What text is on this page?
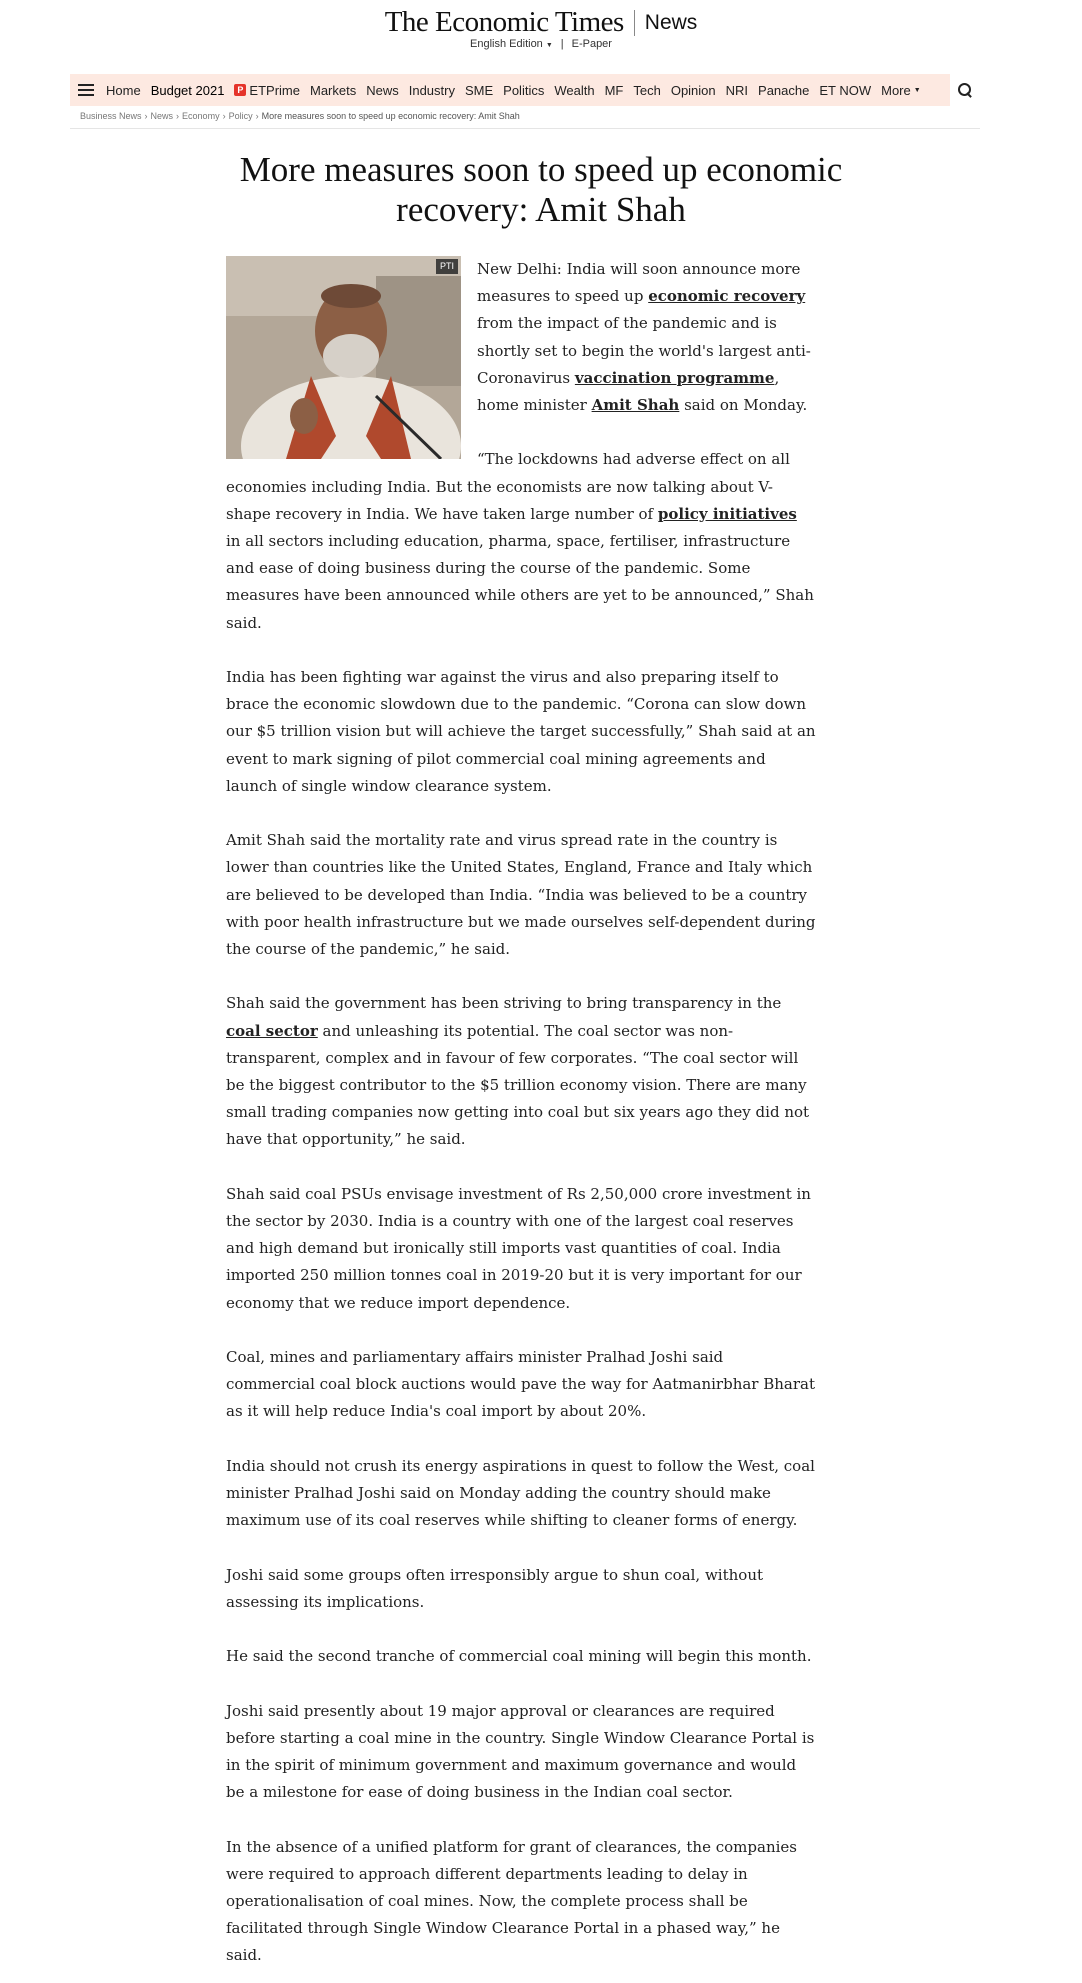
The Economic Times News
English Edition ▼ | E-Paper
Home Budget 2021	P ETPrime Markets News Industry SME Politics Wealth MF Tech Opinion NRI Panache ET NOW More ▼
Business News › News › Economy › Policy › More measures soon to speed up economic recovery: Amit Shah
More measures soon to speed up economic recovery: Amit Shah
PTI	New Delhi: India will soon announce more measures to speed up economic recovery from the impact of the pandemic and is shortly set to begin the world's largest anti-Coronavirus vaccination programme, home minister Amit Shah said on Monday.

“The lockdowns had adverse effect on all economies including India. But the economists are now talking about V-shape recovery in India. We have taken large number of policy initiatives in all sectors including education, pharma, space, fertiliser, infrastructure and ease of doing business during the course of the pandemic. Some measures have been announced while others are yet to be announced,” Shah said.

India has been fighting war against the virus and also preparing itself to brace the economic slowdown due to the pandemic. “Corona can slow down our $5 trillion vision but will achieve the target successfully,” Shah said at an event to mark signing of pilot commercial coal mining agreements and launch of single window clearance system.

Amit Shah said the mortality rate and virus spread rate in the country is lower than countries like the United States, England, France and Italy which are believed to be developed than India. “India was believed to be a country with poor health infrastructure but we made ourselves self-dependent during the course of the pandemic,” he said.

Shah said the government has been striving to bring transparency in the coal sector and unleashing its potential. The coal sector was non-transparent, complex and in favour of few corporates. “The coal sector will be the biggest contributor to the $5 trillion economy vision. There are many small trading companies now getting into coal but six years ago they did not have that opportunity,” he said.

Shah said coal PSUs envisage investment of Rs 2,50,000 crore investment in the sector by 2030. India is a country with one of the largest coal reserves and high demand but ironically still imports vast quantities of coal. India imported 250 million tonnes coal in 2019-20 but it is very important for our economy that we reduce import dependence.

Coal, mines and parliamentary affairs minister Pralhad Joshi said commercial coal block auctions would pave the way for Aatmanirbhar Bharat as it will help reduce India's coal import by about 20%.

India should not crush its energy aspirations in quest to follow the West, coal minister Pralhad Joshi said on Monday adding the country should make maximum use of its coal reserves while shifting to cleaner forms of energy.

Joshi said some groups often irresponsibly argue to shun coal, without assessing its implications.

He said the second tranche of commercial coal mining will begin this month.

Joshi said presently about 19 major approval or clearances are required before starting a coal mine in the country. Single Window Clearance Portal is in the spirit of minimum government and maximum governance and would be a milestone for ease of doing business in the Indian coal sector.

In the absence of a unified platform for grant of clearances, the companies were required to approach different departments leading to delay in operationalisation of coal mines. Now, the complete process shall be facilitated through Single Window Clearance Portal in a phased way,” he said.
